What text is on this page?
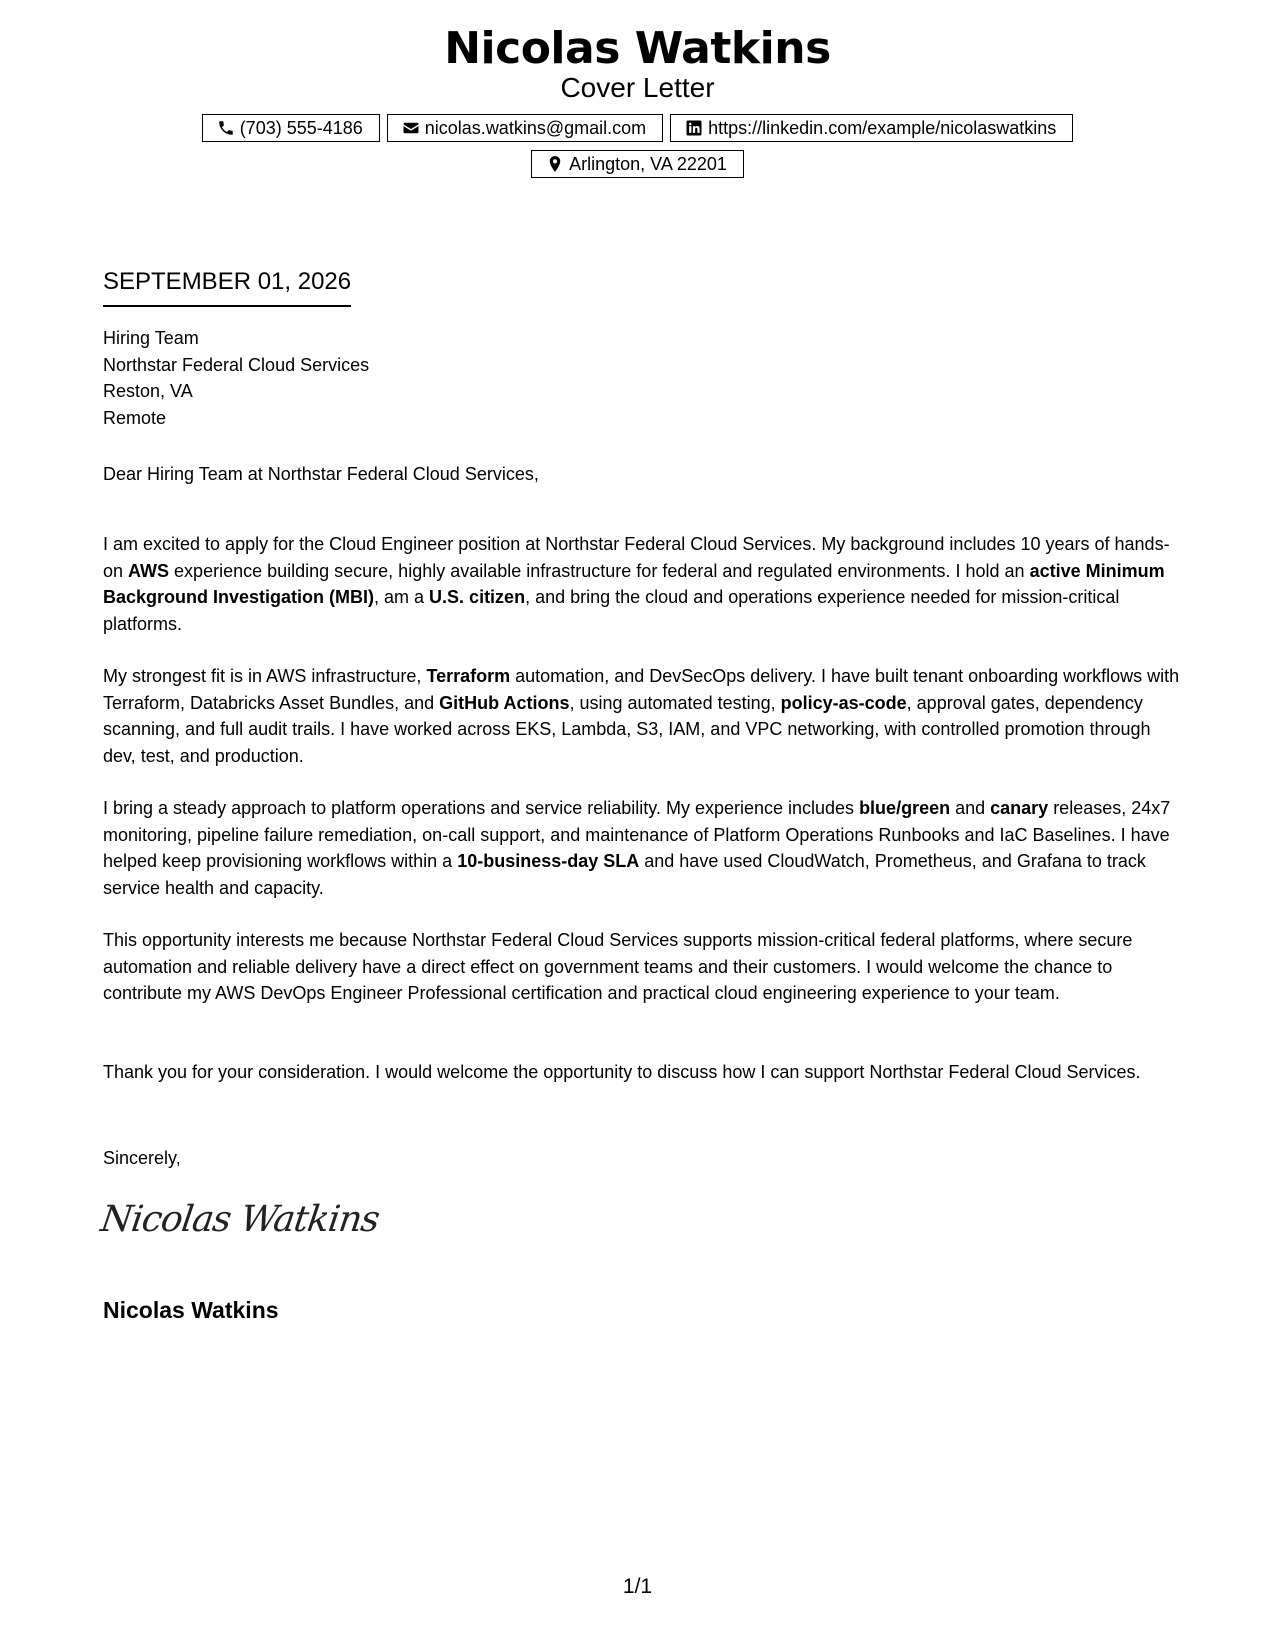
Nicolas Watkins
Cover Letter
(703) 555-4186	nicolas.watkins@gmail.com	https://linkedin.com/example/nicolaswatkins
Arlington, VA 22201
SEPTEMBER 01, 2026
Hiring Team
Northstar Federal Cloud Services
Reston, VA
Remote
Dear Hiring Team at Northstar Federal Cloud Services,

I am excited to apply for the Cloud Engineer position at Northstar Federal Cloud Services. My background includes 10 years of hands-on AWS experience building secure, highly available infrastructure for federal and regulated environments. I hold an active Minimum Background Investigation (MBI), am a U.S. citizen, and bring the cloud and operations experience needed for mission-critical platforms.

My strongest fit is in AWS infrastructure, Terraform automation, and DevSecOps delivery. I have built tenant onboarding workflows with Terraform, Databricks Asset Bundles, and GitHub Actions, using automated testing, policy-as-code, approval gates, dependency scanning, and full audit trails. I have worked across EKS, Lambda, S3, IAM, and VPC networking, with controlled promotion through dev, test, and production.

I bring a steady approach to platform operations and service reliability. My experience includes blue/green and canary releases, 24x7 monitoring, pipeline failure remediation, on-call support, and maintenance of Platform Operations Runbooks and IaC Baselines. I have helped keep provisioning workflows within a 10-business-day SLA and have used CloudWatch, Prometheus, and Grafana to track service health and capacity.

This opportunity interests me because Northstar Federal Cloud Services supports mission-critical federal platforms, where secure automation and reliable delivery have a direct effect on government teams and their customers. I would welcome the chance to contribute my AWS DevOps Engineer Professional certification and practical cloud engineering experience to your team.

Thank you for your consideration. I would welcome the opportunity to discuss how I can support Northstar Federal Cloud Services.

Sincerely,
Nicolas Watkins
Nicolas Watkins
1/1
